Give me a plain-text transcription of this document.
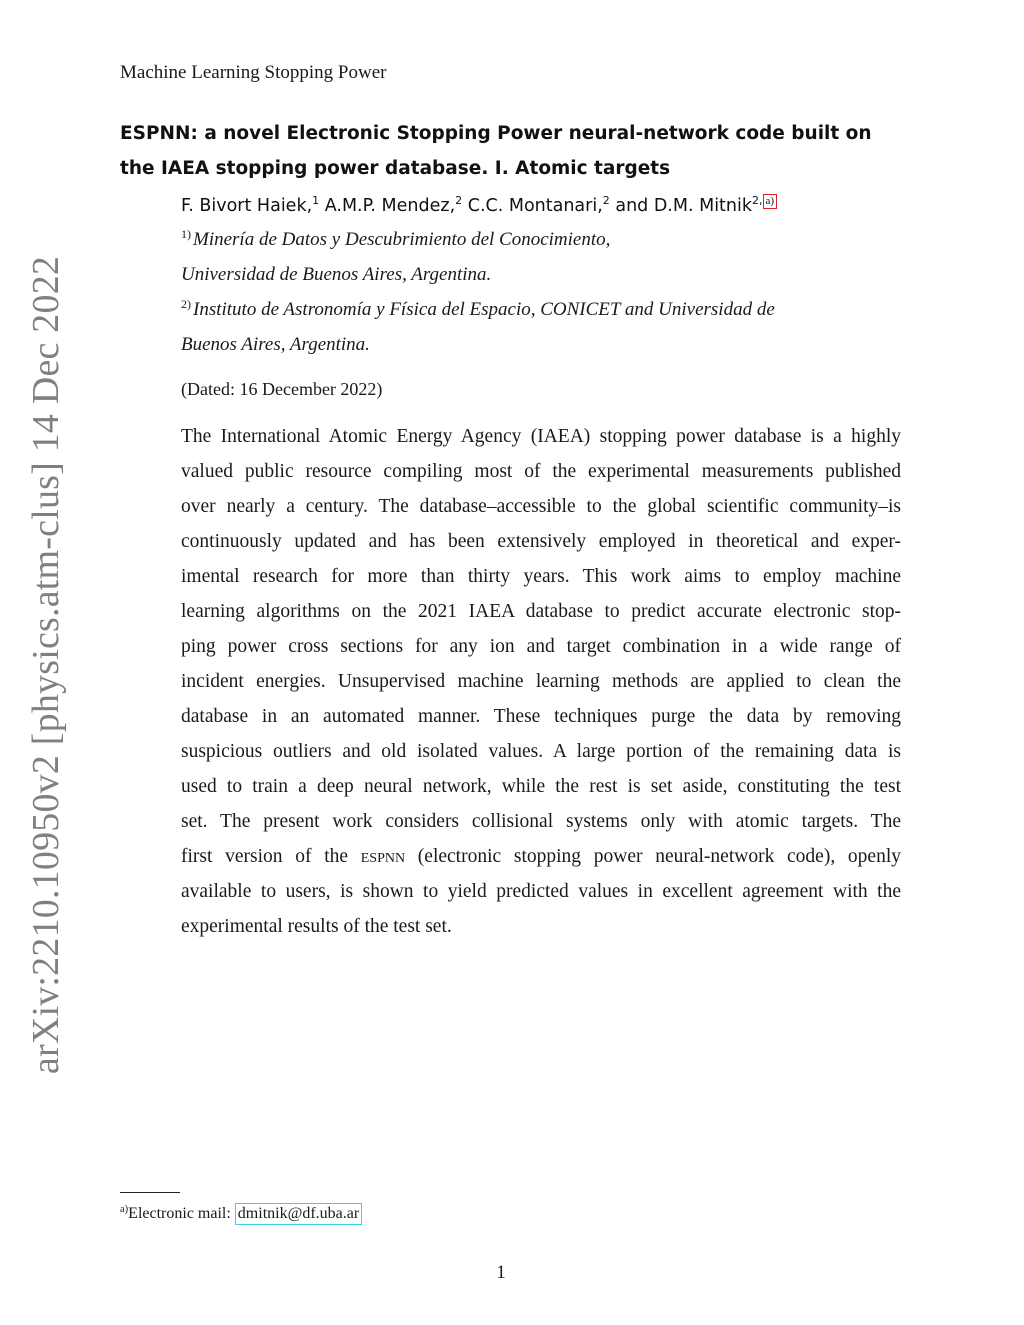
arXiv:2210.10950v2 [physics.atm-clus] 14 Dec 2022
Machine Learning Stopping Power
ESPNN: a novel Electronic Stopping Power neural-network code built on the IAEA stopping power database. I. Atomic targets
F. Bivort Haiek,$^1$ A.M.P. Mendez,$^2$ C.C. Montanari,$^2$ and D.M. Mitnik$^{2,}$ $^{a)}$
$^{1)}$ Minería de Datos y Descubrimiento del Conocimiento,
Universidad de Buenos Aires, Argentina.
$^{2)}$ Instituto de Astronomía y Física del Espacio, CONICET and Universidad de
Buenos Aires, Argentina.
(Dated: 16 December 2022)
The International Atomic Energy Agency (IAEA) stopping power database is a highly
valued public resource compiling most of the experimental measurements published
over nearly a century. The database–accessible to the global scientific community–is
continuously updated and has been extensively employed in theoretical and exper-
imental research for more than thirty years. This work aims to employ machine
learning algorithms on the 2021 IAEA database to predict accurate electronic stop-
ping power cross sections for any ion and target combination in a wide range of
incident energies. Unsupervised machine learning methods are applied to clean the
database in an automated manner. These techniques purge the data by removing
suspicious outliers and old isolated values. A large portion of the remaining data is
used to train a deep neural network, while the rest is set aside, constituting the test
set. The present work considers collisional systems only with atomic targets. The
first version of the espnn (electronic stopping power neural-network code), openly
available to users, is shown to yield predicted values in excellent agreement with the
experimental results of the test set.
$^{a)}$Electronic mail: dmitnik@df.uba.ar
1
